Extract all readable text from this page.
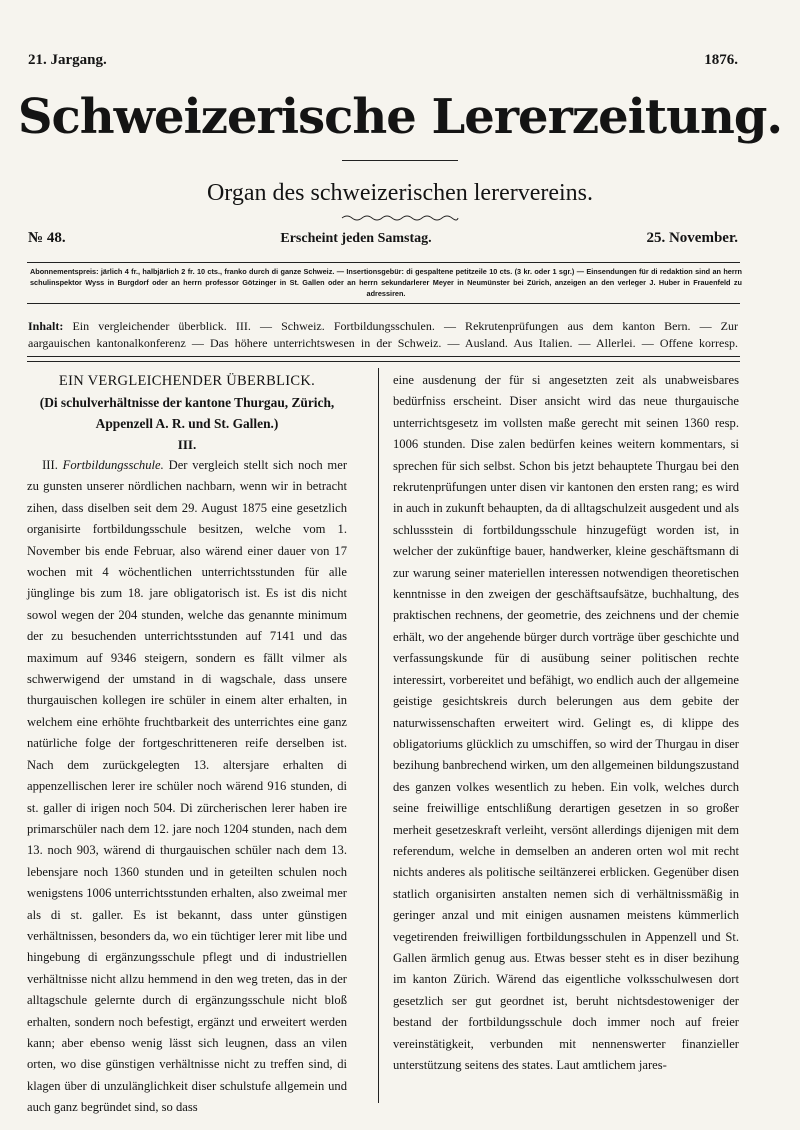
21. Jargang.	1876.
Schweizerische Lererzeitung.
Organ des schweizerischen lerervereins.
№ 48.	Erscheint jeden Samstag.	25. November.
Abonnementspreis: järlich 4 fr., halbjärlich 2 fr. 10 cts., franko durch di ganze Schweiz. — Insertionsgebür: di gespaltene petitzeile 10 cts. (3 kr. oder 1 sgr.) — Einsendungen für di redaktion sind an herrn schulinspektor Wyss in Burgdorf oder an herrn professor Götzinger in St. Gallen oder an herrn sekundarlerer Meyer in Neumünster bei Zürich, anzeigen an den verleger J. Huber in Frauenfeld zu adressiren.
Inhalt: Ein vergleichender überblick. III. — Schweiz. Fortbildungsschulen. — Rekrutenprüfungen aus dem kanton Bern. — Zur
aargauischen kantonalkonferenz — Das höhere unterrichtswesen in der Schweiz. — Ausland. Aus Italien. — Allerlei. — Offene korresp.

EIN VERGLEICHENDER ÜBERBLICK.

(Di schulverhältnisse der kantone Thurgau, Zürich, Appenzell A. R. und St. Gallen.)

III.

III. Fortbildungsschule. Der vergleich stellt sich noch mer zu gunsten unserer nördlichen nachbarn, wenn wir in betracht zihen, dass diselben seit dem 29. August 1875 eine gesetzlich organisirte fortbildungsschule besitzen, welche vom 1. November bis ende Februar, also wärend einer dauer von 17 wochen mit 4 wöchentlichen unterrichtsstunden für alle jünglinge bis zum 18. jare obligatorisch ist. Es ist dis nicht sowol wegen der 204 stunden, welche das genannte minimum der zu besuchenden unterrichtsstunden auf 7141 und das maximum auf 9346 steigern, sondern es fällt vilmer als schwerwigend der umstand in di wagschale, dass unsere thurgauischen kollegen ire schüler in einem alter erhalten, in welchem eine erhöhte fruchtbarkeit des unterrichtes eine ganz natürliche folge der fortgeschritteneren reife derselben ist. Nach dem zurückgelegten 13. altersjare erhalten di appenzellischen lerer ire schüler noch wärend 916 stunden, di st. galler di irigen noch 504. Di zürcherischen lerer haben ire primarschüler nach dem 12. jare noch 1204 stunden, nach dem 13. noch 903, wärend di thurgauischen schüler nach dem 13. lebensjare noch 1360 stunden und in geteilten schulen noch wenigstens 1006 unterrichtsstunden erhalten, also zweimal mer als di st. galler. Es ist bekannt, dass unter günstigen verhältnissen, besonders da, wo ein tüchtiger lerer mit libe und hingebung di ergänzungsschule pflegt und di industriellen verhältnisse nicht allzu hemmend in den weg treten, das in der alltagschule gelernte durch di ergänzungsschule nicht bloß erhalten, sondern noch befestigt, ergänzt und erweitert werden kann; aber ebenso wenig lässt sich leugnen, dass an vilen orten, wo dise günstigen verhältnisse nicht zu treffen sind, di klagen über di unzulänglichkeit diser schulstufe allgemein und auch ganz begründet sind, so dass

eine ausdenung der für si angesetzten zeit als unabweisbares bedürfniss erscheint. Diser ansicht wird das neue thurgauische unterrichtsgesetz im vollsten maße gerecht mit seinen 1360 resp. 1006 stunden. Dise zalen bedürfen keines weitern kommentars, si sprechen für sich selbst. Schon bis jetzt behauptete Thurgau bei den rekrutenprüfungen unter disen vir kantonen den ersten rang; es wird in auch in zukunft behaupten, da di alltagschulzeit ausgedent und als schlussstein di fortbildungsschule hinzugefügt worden ist, in welcher der zukünftige bauer, handwerker, kleine geschäftsmann di zur warung seiner materiellen interessen notwendigen theoretischen kenntnisse in den zweigen der geschäftsaufsätze, buchhaltung, des praktischen rechnens, der geometrie, des zeichnens und der chemie erhält, wo der angehende bürger durch vorträge über geschichte und verfassungskunde für di ausübung seiner politischen rechte interessirt, vorbereitet und befähigt, wo endlich auch der allgemeine geistige gesichtskreis durch belerungen aus dem gebite der naturwissenschaften erweitert wird. Gelingt es, di klippe des obligatoriums glücklich zu umschiffen, so wird der Thurgau in diser bezihung banbrechend wirken, um den allgemeinen bildungszustand des ganzen volkes wesentlich zu heben. Ein volk, welches durch seine freiwillige entschlißung derartigen gesetzen in so großer merheit gesetzeskraft verleiht, versönt allerdings dijenigen mit dem referendum, welche in demselben an anderen orten wol mit recht nichts anderes als politische seiltänzerei erblicken. Gegenüber disen statlich organisirten anstalten nemen sich di verhältnissmäßig in geringer anzal und mit einigen ausnamen meistens kümmerlich vegetirenden freiwilligen fortbildungsschulen in Appenzell und St. Gallen ärmlich genug aus. Etwas besser steht es in diser bezihung im kanton Zürich. Wärend das eigentliche volksschulwesen dort gesetzlich ser gut geordnet ist, beruht nichtsdestoweniger der bestand der fortbildungsschule doch immer noch auf freier vereinstätigkeit, verbunden mit nennenswerter finanzieller unterstützung seitens des states. Laut amtlichem jares-
